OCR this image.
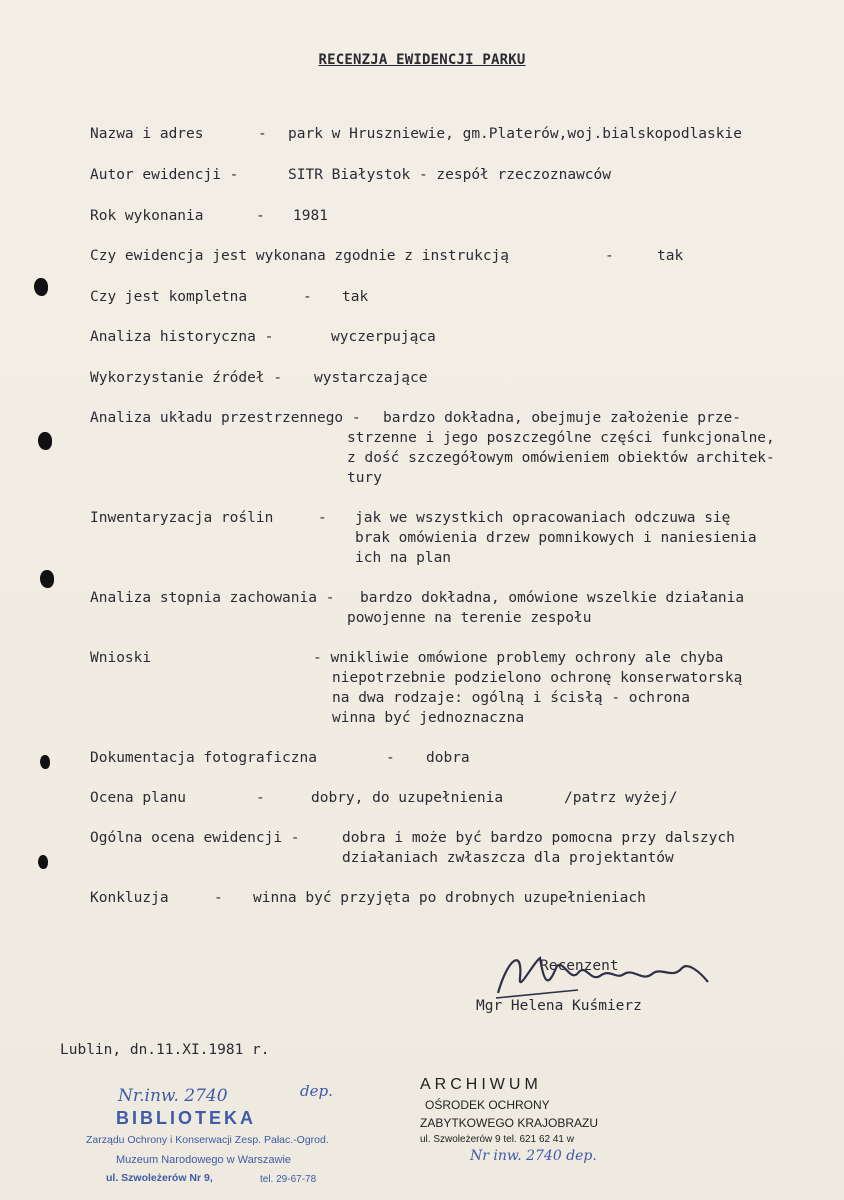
RECENZJA EWIDENCJI PARKU
Nazwa i adres	- park w Hruszniewie, gm.Platerów,woj.bialskopodlaskie
Autor ewidencji -	SITR Białystok - zespół rzeczoznawców
Rok wykonania	- 1981
Czy ewidencja jest wykonana zgodnie z instrukcją	-	tak
Czy jest kompletna	- tak
Analiza historyczna -	wyczerpująca
Wykorzystanie źródeł - wystarczające
Analiza układu przestrzennego - bardzo dokładna, obejmuje założenie prze-
strzenne i jego poszczególne części funkcjonalne,
z dość szczegółowym omówieniem obiektów architek-
tury
Inwentaryzacja roślin	- jak we wszystkich opracowaniach odczuwa się
brak omówienia drzew pomnikowych i naniesienia
ich na plan
Analiza stopnia zachowania - bardzo dokładna, omówione wszelkie działania
powojenne na terenie zespołu
Wnioski	- wnikliwie omówione problemy ochrony ale chyba
niepotrzebnie podzielono ochronę konserwatorską
na dwa rodzaje: ogólną i ścisłą - ochrona
winna być jednoznaczna
Dokumentacja fotograficzna	- dobra
Ocena planu	-	dobry, do uzupełnienia	/patrz wyżej/
Ogólna ocena ewidencji -	dobra i może być bardzo pomocna przy dalszych
działaniach zwłaszcza dla projektantów
Konkluzja	- winna być przyjęta po drobnych uzupełnieniach
Recenzent
Mgr Helena Kuśmierz
Lublin, dn.11.XI.1981 r.
Nr.inw. 2740	dep.
BIBLIOTEKA
Zarządu Ochrony i Konserwacji Zesp. Pałac.-Ogrod.
Muzeum Narodowego w Warszawie
ul. Szwoleżerów Nr 9,	tel. 29-67-78
ARCHIWUM
OŚRODEK OCHRONY
ZABYTKOWEGO KRAJOBRAZU
ul. Szwoleżerów 9 tel. 621 62 41 w
Nr inw. 2740 dep.
